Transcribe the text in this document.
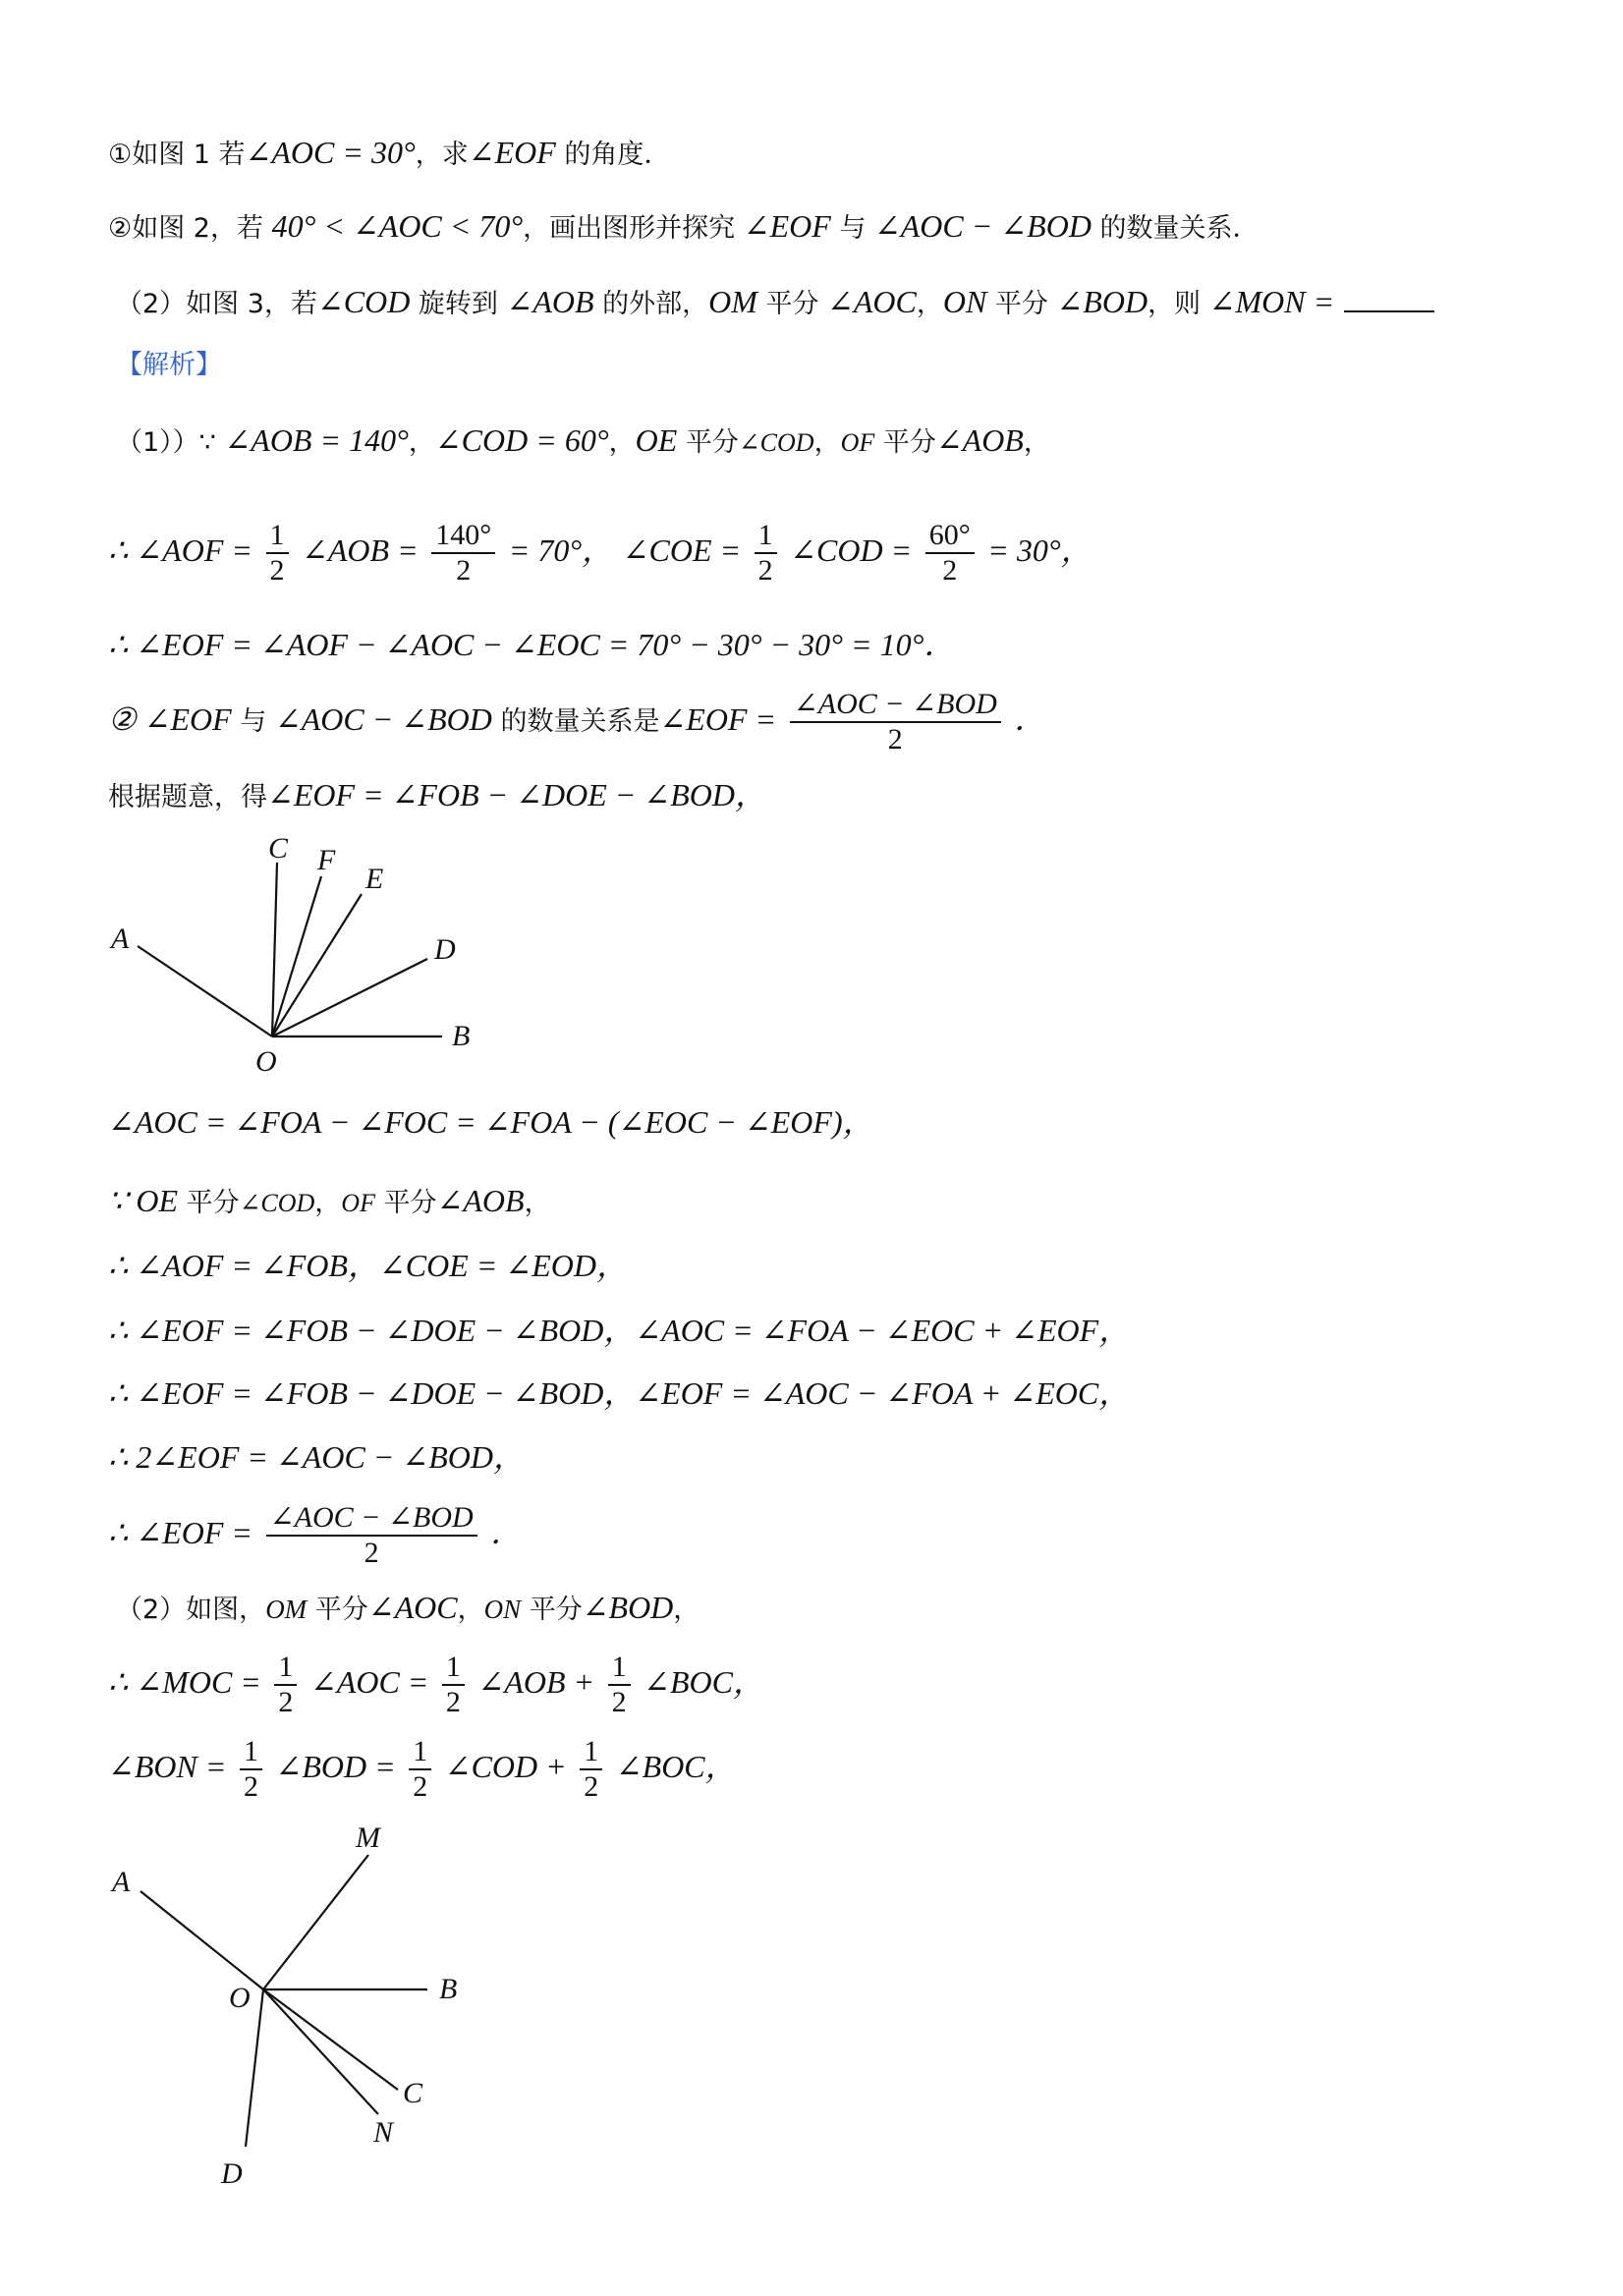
①如图 1 若∠AOC = 30°，求∠EOF 的角度．
②如图 2，若 40° < ∠AOC < 70°，画出图形并探究 ∠EOF 与 ∠AOC − ∠BOD 的数量关系．
（2）如图 3，若∠COD 旋转到 ∠AOB 的外部，OM 平分 ∠AOC，ON 平分 ∠BOD，则 ∠MON =
【解析】
（1））∵ ∠AOB = 140°，∠COD = 60°，OE 平分∠COD，OF 平分∠AOB，
∴ ∠AOF = $\frac{1}{2}$ ∠AOB = $\frac{140^\circ}{2} = 70^\circ$， ∠COE = $\frac{1}{2}$ ∠COD = $\frac{60^\circ}{2} = 30^\circ$，
∴ ∠EOF = ∠AOF − ∠AOC − ∠EOC = 70° − 30° − 30° = 10°．
② ∠EOF 与 ∠AOC − ∠BOD 的数量关系是∠EOF = $\frac{\text{∠AOC − ∠BOD}}{2}$ ．
根据题意，得∠EOF = ∠FOB − ∠DOE − ∠BOD，
A
C F
E
D
B
O
∠AOC = ∠FOA − ∠FOC = ∠FOA − (∠EOC − ∠EOF)，
∵ OE 平分∠COD，OF 平分∠AOB，
∴ ∠AOF = ∠FOB，∠COE = ∠EOD，
∴ ∠EOF = ∠FOB − ∠DOE − ∠BOD，∠AOC = ∠FOA − ∠EOC + ∠EOF，
∴ ∠EOF = ∠FOB − ∠DOE − ∠BOD，∠EOF = ∠AOC − ∠FOA + ∠EOC，
∴ 2∠EOF = ∠AOC − ∠BOD，
∴ ∠EOF = $\frac{\text{∠AOC − ∠BOD}}{2}$ ．
（2）如图，OM 平分∠AOC，ON 平分∠BOD，
∴ ∠MOC = $\frac{1}{2}$ ∠AOC = $\frac{1}{2}$ ∠AOB + $\frac{1}{2}$ ∠BOC，
∠BON = $\frac{1}{2}$ ∠BOD = $\frac{1}{2}$ ∠COD + $\frac{1}{2}$ ∠BOC，
A
M
B
O
C
N
D
